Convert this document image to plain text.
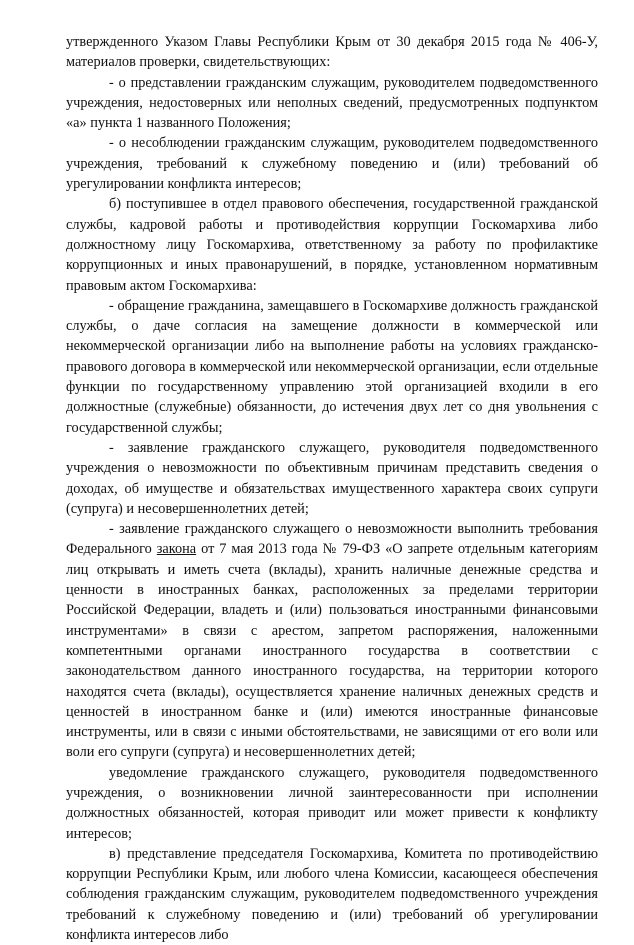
утвержденного Указом Главы Республики Крым от 30 декабря 2015 года № 406-У, материалов проверки, свидетельствующих:

- о представлении гражданским служащим, руководителем подведомственного учреждения, недостоверных или неполных сведений, предусмотренных подпунктом «а» пункта 1 названного Положения;

- о несоблюдении гражданским служащим, руководителем подведомственного учреждения, требований к служебному поведению и (или) требований об урегулировании конфликта интересов;

б) поступившее в отдел правового обеспечения, государственной гражданской службы, кадровой работы и противодействия коррупции Госкомархива либо должностному лицу Госкомархива, ответственному за работу по профилактике коррупционных и иных правонарушений, в порядке, установленном нормативным правовым актом Госкомархива:

- обращение гражданина, замещавшего в Госкомархиве должность гражданской службы, о даче согласия на замещение должности в коммерческой или некоммерческой организации либо на выполнение работы на условиях гражданско-правового договора в коммерческой или некоммерческой организации, если отдельные функции по государственному управлению этой организацией входили в его должностные (служебные) обязанности, до истечения двух лет со дня увольнения с государственной службы;

- заявление гражданского служащего, руководителя подведомственного учреждения о невозможности по объективным причинам представить сведения о доходах, об имуществе и обязательствах имущественного характера своих супруги (супруга) и несовершеннолетних детей;

- заявление гражданского служащего о невозможности выполнить требования Федерального закона от 7 мая 2013 года № 79-ФЗ «О запрете отдельным категориям лиц открывать и иметь счета (вклады), хранить наличные денежные средства и ценности в иностранных банках, расположенных за пределами территории Российской Федерации, владеть и (или) пользоваться иностранными финансовыми инструментами» в связи с арестом, запретом распоряжения, наложенными компетентными органами иностранного государства в соответствии с законодательством данного иностранного государства, на территории которого находятся счета (вклады), осуществляется хранение наличных денежных средств и ценностей в иностранном банке и (или) имеются иностранные финансовые инструменты, или в связи с иными обстоятельствами, не зависящими от его воли или воли его супруги (супруга) и несовершеннолетних детей;

уведомление гражданского служащего, руководителя подведомственного учреждения, о возникновении личной заинтересованности при исполнении должностных обязанностей, которая приводит или может привести к конфликту интересов;

в) представление председателя Госкомархива, Комитета по противодействию коррупции Республики Крым, или любого члена Комиссии, касающееся обеспечения соблюдения гражданским служащим, руководителем подведомственного учреждения требований к служебному поведению и (или) требований об урегулировании конфликта интересов либо
